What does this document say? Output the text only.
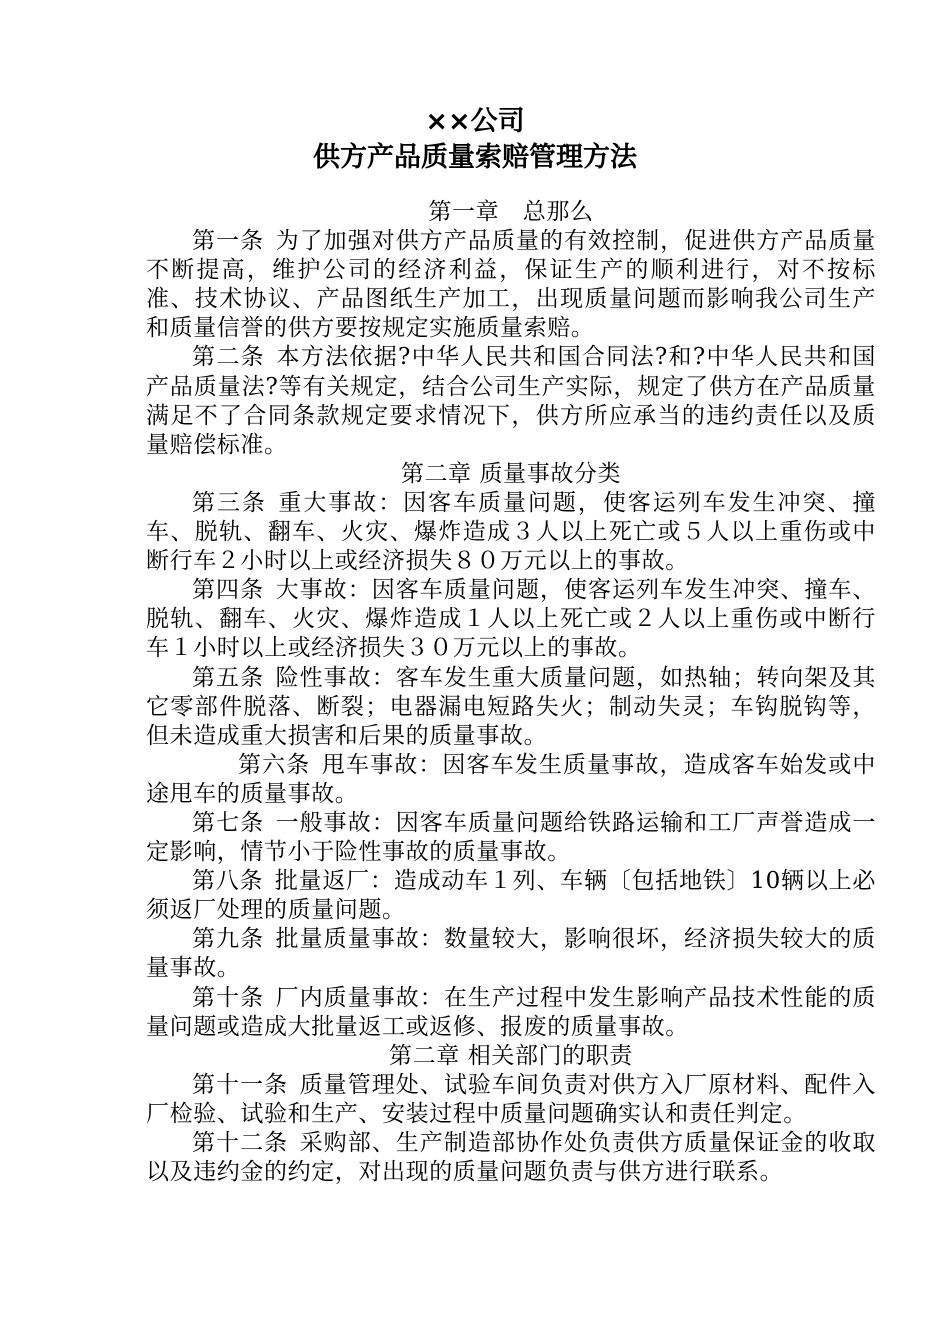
××公司
供方产品质量索赔管理方法

第一章　总那么

第一条 为了加强对供方产品质量的有效控制，促进供方产品质量不断提高，维护公司的经济利益，保证生产的顺利进行，对不按标准、技术协议、产品图纸生产加工，出现质量问题而影响我公司生产和质量信誉的供方要按规定实施质量索赔。

第二条 本方法依据?中华人民共和国合同法?和?中华人民共和国产品质量法?等有关规定，结合公司生产实际，规定了供方在产品质量满足不了合同条款规定要求情况下，供方所应承当的违约责任以及质量赔偿标准。

第二章 质量事故分类

第三条 重大事故：因客车质量问题，使客运列车发生冲突、撞车、脱轨、翻车、火灾、爆炸造成３人以上死亡或５人以上重伤或中断行车２小时以上或经济损失８０万元以上的事故。

第四条 大事故：因客车质量问题，使客运列车发生冲突、撞车、脱轨、翻车、火灾、爆炸造成１人以上死亡或２人以上重伤或中断行车１小时以上或经济损失３０万元以上的事故。

第五条 险性事故：客车发生重大质量问题，如热轴；转向架及其它零部件脱落、断裂；电器漏电短路失火；制动失灵；车钩脱钩等，但未造成重大损害和后果的质量事故。

第六条 甩车事故：因客车发生质量事故，造成客车始发或中途甩车的质量事故。

第七条 一般事故：因客车质量问题给铁路运输和工厂声誉造成一定影响，情节小于险性事故的质量事故。

第八条 批量返厂：造成动车１列、车辆〔包括地铁〕10辆以上必须返厂处理的质量问题。

第九条 批量质量事故：数量较大，影响很坏，经济损失较大的质量事故。

第十条 厂内质量事故：在生产过程中发生影响产品技术性能的质量问题或造成大批量返工或返修、报废的质量事故。

第二章 相关部门的职责

第十一条 质量管理处、试验车间负责对供方入厂原材料、配件入厂检验、试验和生产、安装过程中质量问题确实认和责任判定。

第十二条 采购部、生产制造部协作处负责供方质量保证金的收取以及违约金的约定，对出现的质量问题负责与供方进行联系。
